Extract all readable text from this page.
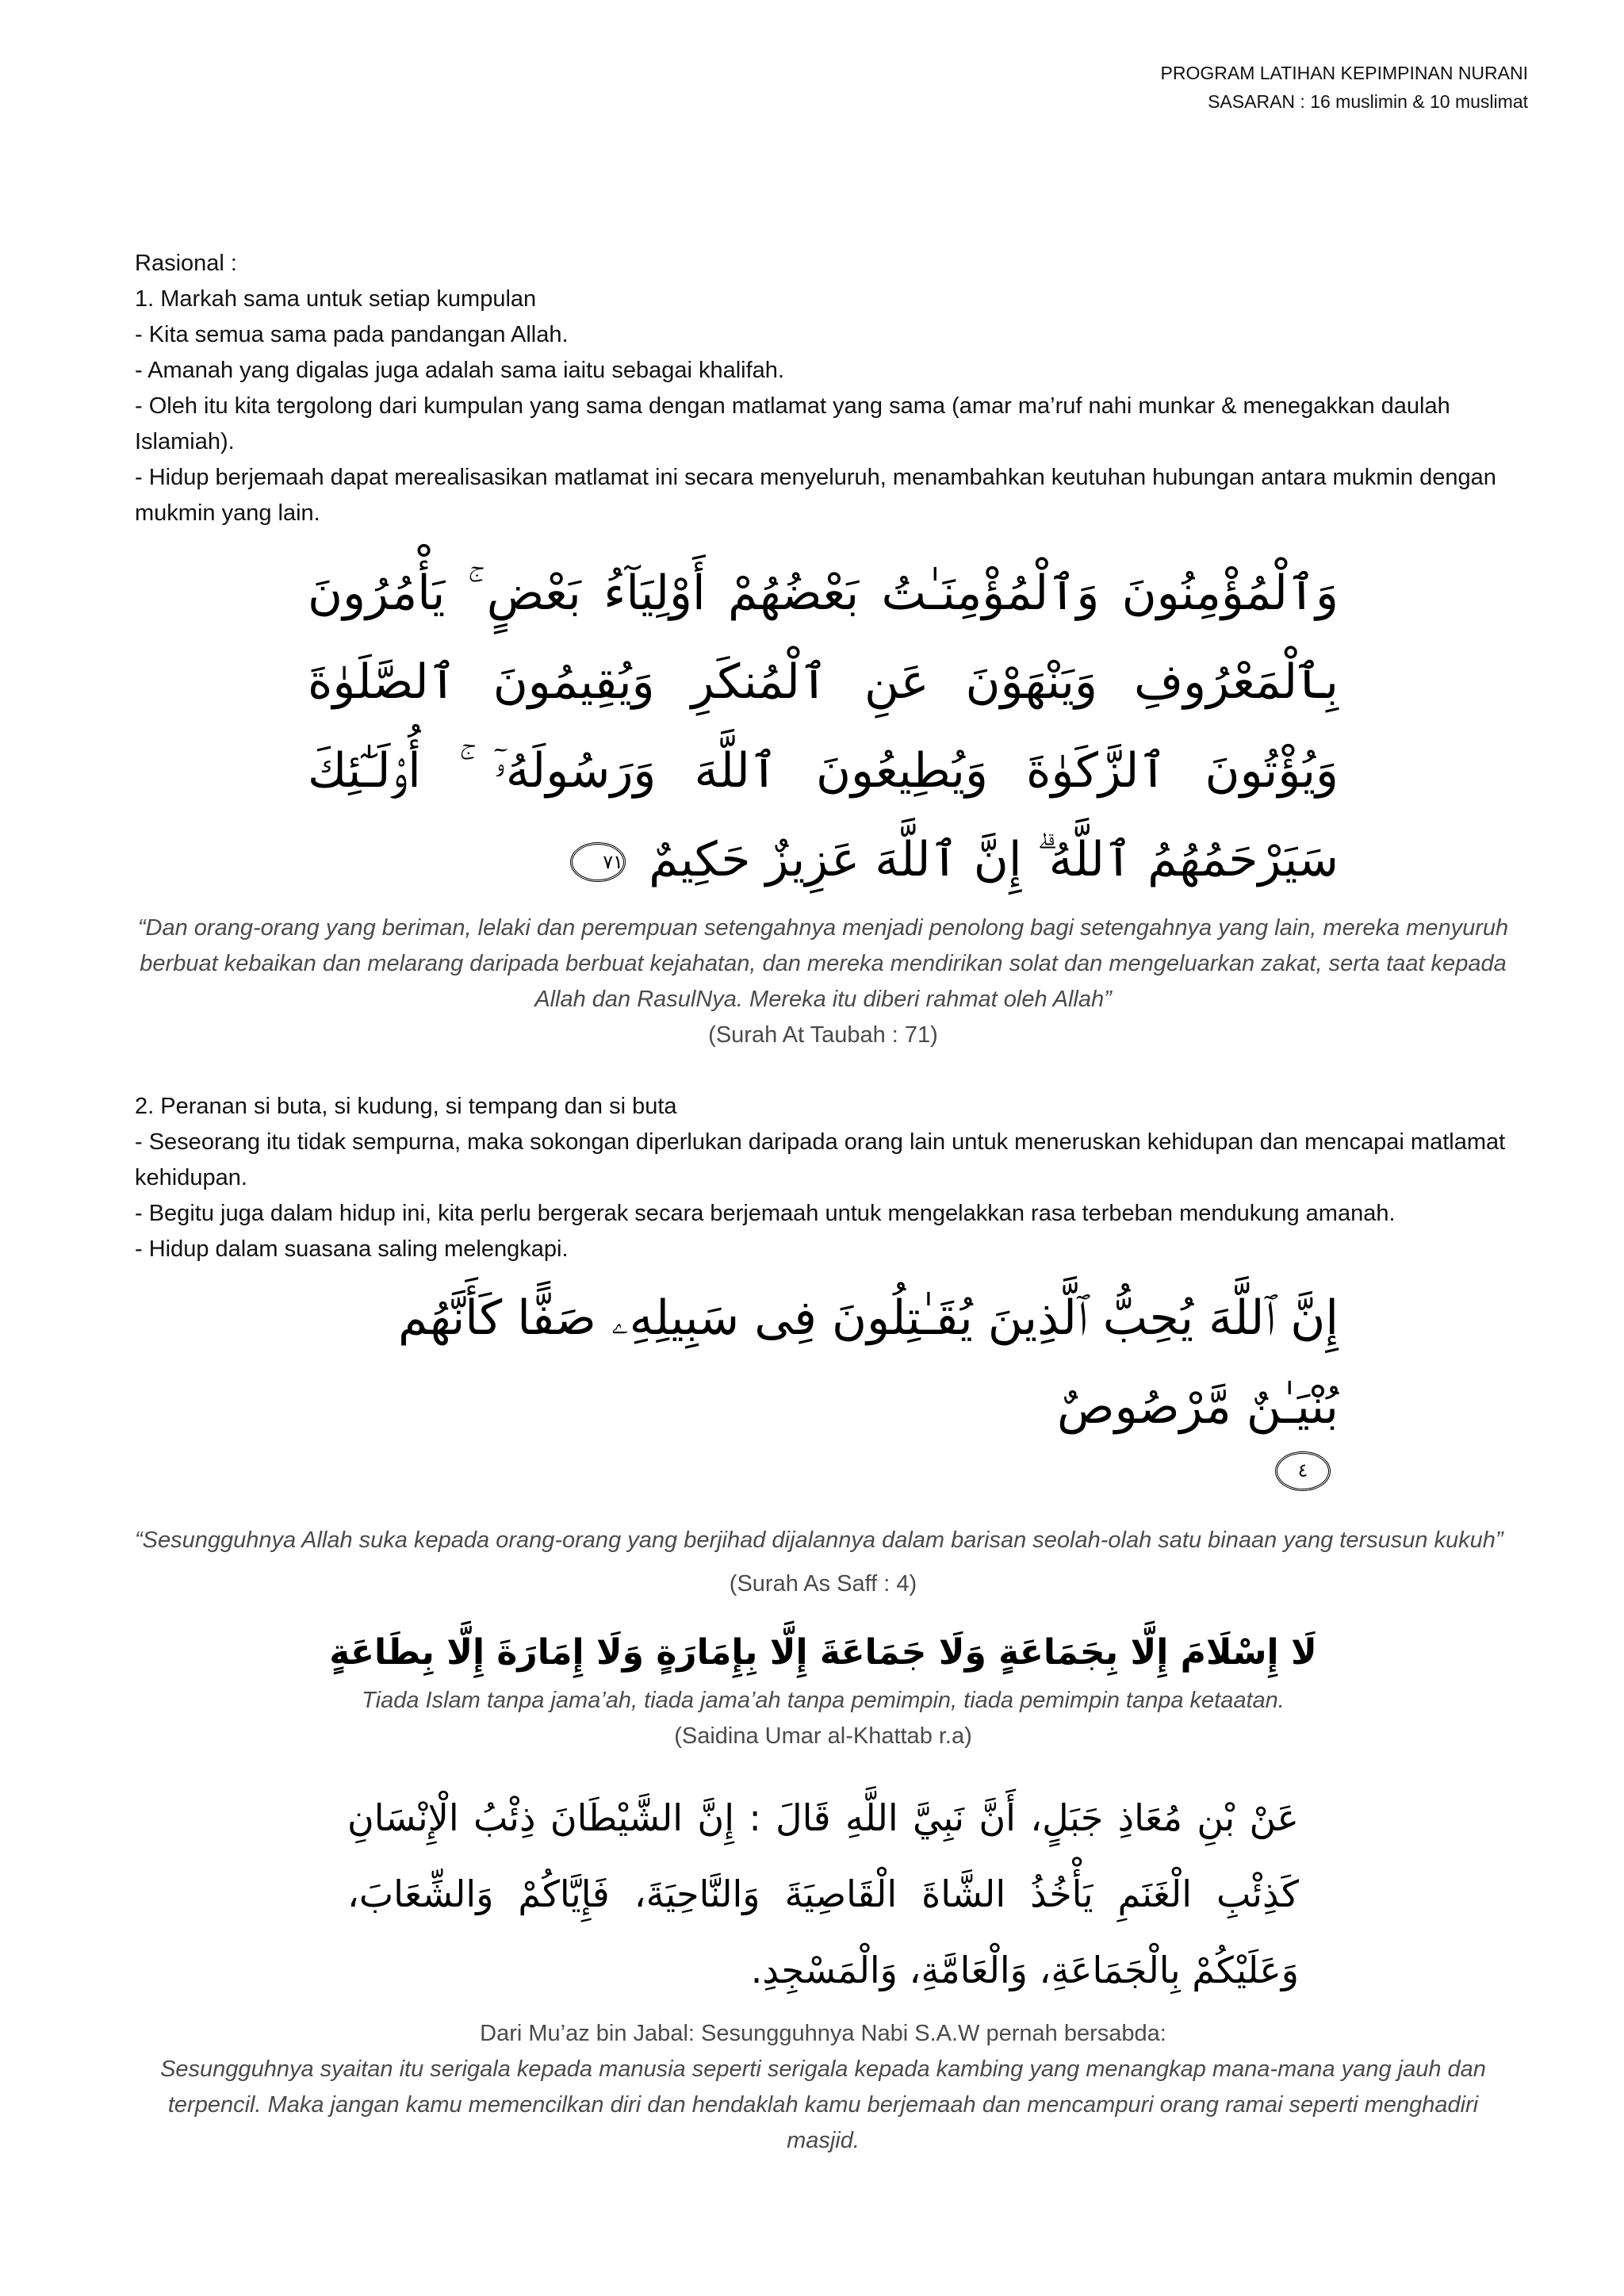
PROGRAM LATIHAN KEPIMPINAN NURANI
SASARAN : 16 muslimin & 10 muslimat
Rasional :
1. Markah sama untuk setiap kumpulan
- Kita semua sama pada pandangan Allah.
- Amanah yang digalas juga adalah sama iaitu sebagai khalifah.
- Oleh itu kita tergolong dari kumpulan yang sama dengan matlamat yang sama (amar ma’ruf nahi munkar & menegakkan daulah Islamiah).
- Hidup berjemaah dapat merealisasikan matlamat ini secara menyeluruh, menambahkan keutuhan hubungan antara mukmin dengan mukmin yang lain.
وَٱلْمُؤْمِنُونَ وَٱلْمُؤْمِنَـٰتُ بَعْضُهُمْ أَوْلِيَآءُ بَعْضٍ ۚ يَأْمُرُونَ بِٱلْمَعْرُوفِ وَيَنْهَوْنَ عَنِ ٱلْمُنكَرِ وَيُقِيمُونَ ٱلصَّلَوٰةَ وَيُؤْتُونَ ٱلزَّكَوٰةَ وَيُطِيعُونَ ٱللَّهَ وَرَسُولَهُۥٓ ۚ أُو۟لَـٰٓئِكَ سَيَرْحَمُهُمُ ٱللَّهُ ۗ إِنَّ ٱللَّهَ عَزِيزٌ حَكِيمٌ ٧١
“Dan orang-orang yang beriman, lelaki dan perempuan setengahnya menjadi penolong bagi setengahnya yang lain, mereka menyuruh berbuat kebaikan dan melarang daripada berbuat kejahatan, dan mereka mendirikan solat dan mengeluarkan zakat, serta taat kepada Allah dan RasulNya. Mereka itu diberi rahmat oleh Allah”
(Surah At Taubah : 71)
2. Peranan si buta, si kudung, si tempang dan si buta
- Seseorang itu tidak sempurna, maka sokongan diperlukan daripada orang lain untuk meneruskan kehidupan dan mencapai matlamat kehidupan.
- Begitu juga dalam hidup ini, kita perlu bergerak secara berjemaah untuk mengelakkan rasa terbeban mendukung amanah.
- Hidup dalam suasana saling melengkapi.
إِنَّ ٱللَّهَ يُحِبُّ ٱلَّذِينَ يُقَـٰتِلُونَ فِى سَبِيلِهِۦ صَفًّا كَأَنَّهُم بُنْيَـٰنٌ مَّرْصُوصٌ
٤
“Sesungguhnya Allah suka kepada orang-orang yang berjihad dijalannya dalam barisan seolah-olah satu binaan yang tersusun kukuh”
(Surah As Saff : 4)
لَا إِسْلَامَ إِلَّا بِجَمَاعَةٍ وَلَا جَمَاعَةَ إِلَّا بِإِمَارَةٍ وَلَا إِمَارَةَ إِلَّا بِطَاعَةٍ
Tiada Islam tanpa jama’ah, tiada jama’ah tanpa pemimpin, tiada pemimpin tanpa ketaatan.
(Saidina Umar al-Khattab r.a)
عَنْ بْنِ مُعَاذِ جَبَلٍ، أَنَّ نَبِيَّ اللَّهِ قَالَ : إِنَّ الشَّيْطَانَ ذِئْبُ الْإِنْسَانِ كَذِئْبِ الْغَنَمِ يَأْخُذُ الشَّاةَ الْقَاصِيَةَ وَالنَّاحِيَةَ، فَإِيَّاكُمْ وَالشِّعَابَ، وَعَلَيْكُمْ بِالْجَمَاعَةِ، وَالْعَامَّةِ، وَالْمَسْجِدِ.
Dari Mu’az bin Jabal: Sesungguhnya Nabi S.A.W pernah bersabda:
Sesungguhnya syaitan itu serigala kepada manusia seperti serigala kepada kambing yang menangkap mana-mana yang jauh dan terpencil. Maka jangan kamu memencilkan diri dan hendaklah kamu berjemaah dan mencampuri orang ramai seperti menghadiri masjid.
